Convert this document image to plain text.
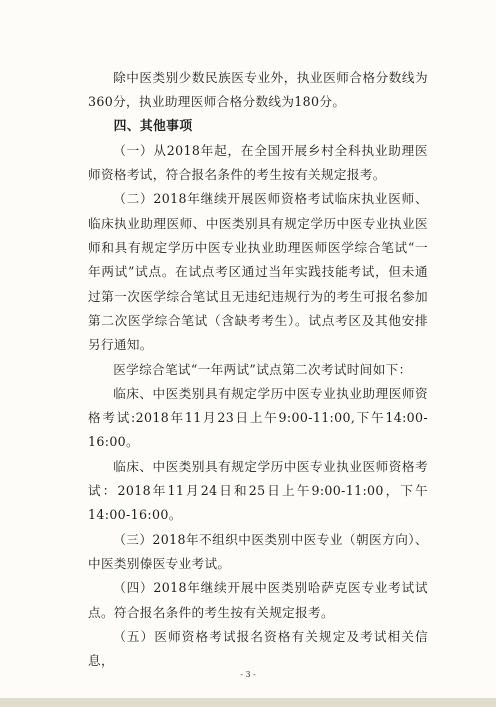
除中医类别少数民族医专业外，执业医师合格分数线为360分，执业助理医师合格分数线为180分。

四、其他事项

（一）从2018年起，在全国开展乡村全科执业助理医师资格考试，符合报名条件的考生按有关规定报考。

（二）2018年继续开展医师资格考试临床执业医师、临床执业助理医师、中医类别具有规定学历中医专业执业医师和具有规定学历中医专业执业助理医师医学综合笔试“一年两试”试点。在试点考区通过当年实践技能考试，但未通过第一次医学综合笔试且无违纪违规行为的考生可报名参加第二次医学综合笔试（含缺考考生）。试点考区及其他安排另行通知。

医学综合笔试“一年两试”试点第二次考试时间如下：

临床、中医类别具有规定学历中医专业执业助理医师资格考试:2018年11月23日上午9:00-11:00,下午14:00-16:00。

临床、中医类别具有规定学历中医专业执业医师资格考试：2018年11月24日和25日上午9:00-11:00，下午14:00-16:00。

（三）2018年不组织中医类别中医专业（朝医方向）、中医类别傣医专业考试。

（四）2018年继续开展中医类别哈萨克医专业考试试点。符合报名条件的考生按有关规定报考。

（五）医师资格考试报名资格有关规定及考试相关信息，

- 3 -
